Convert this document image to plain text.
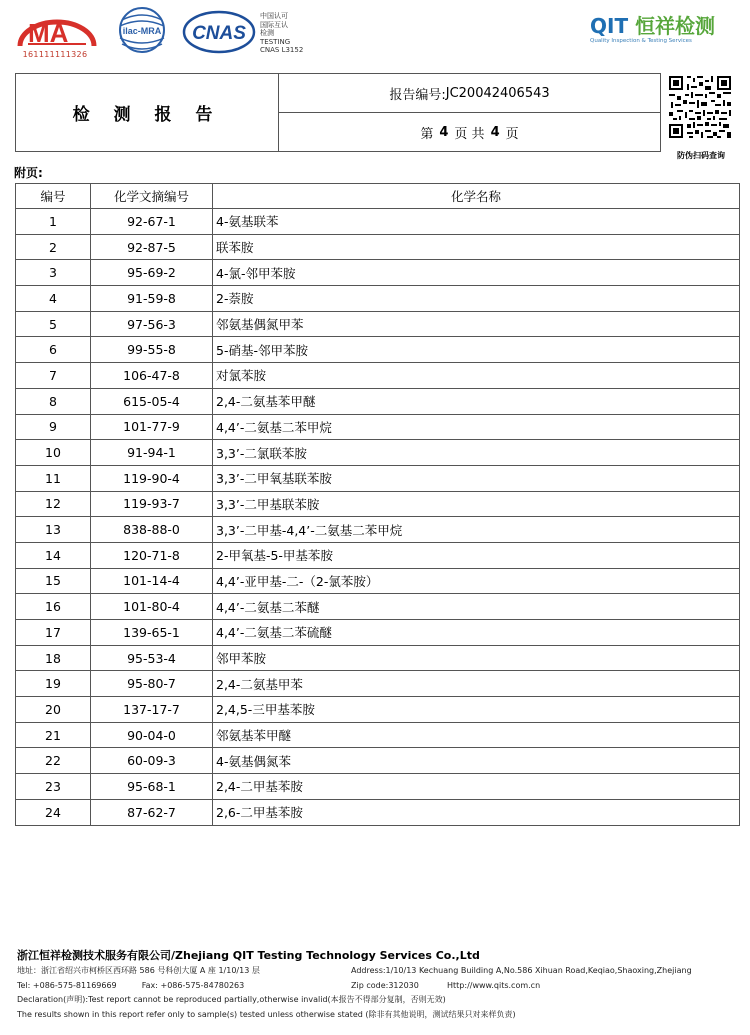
MA
161111111326
ilac-MRA CNAS
中国认可
国际互认
检测
TESTING
CNAS L3152
QIT 恒祥检测
Quality Inspection & Testing Services
检 测 报 告
报告编号: JC20042406543
第 4 页 共 4 页
防伪扫码查询
附页:
编号	化学文摘编号	化学名称
1	92-67-1	4-氨基联苯
2	92-87-5	联苯胺
3	95-69-2	4-氯-邻甲苯胺
4	91-59-8	2-萘胺
5	97-56-3	邻氨基偶氮甲苯
6	99-55-8	5-硝基-邻甲苯胺
7	106-47-8	对氯苯胺
8	615-05-4	2,4-二氨基苯甲醚
9	101-77-9	4,4’-二氨基二苯甲烷
10	91-94-1	3,3’-二氯联苯胺
11	119-90-4	3,3’-二甲氧基联苯胺
12	119-93-7	3,3’-二甲基联苯胺
13	838-88-0	3,3’-二甲基-4,4’-二氨基二苯甲烷
14	120-71-8	2-甲氧基-5-甲基苯胺
15	101-14-4	4,4’-亚甲基-二-（2-氯苯胺）
16	101-80-4	4,4’-二氨基二苯醚
17	139-65-1	4,4’-二氨基二苯硫醚
18	95-53-4	邻甲苯胺
19	95-80-7	2,4-二氨基甲苯
20	137-17-7	2,4,5-三甲基苯胺
21	90-04-0	邻氨基苯甲醚
22	60-09-3	4-氨基偶氮苯
23	95-68-1	2,4-二甲基苯胺
24	87-62-7	2,6-二甲基苯胺
浙江恒祥检测技术服务有限公司/Zhejiang QIT Testing Technology Services Co.,Ltd
地址：浙江省绍兴市柯桥区西环路 586 号科创大厦 A 座 1/10/13 层	Address:1/10/13 Kechuang Building A,No.586 Xihuan Road,Keqiao,Shaoxing,Zhejiang
Tel: +086-575-81169669	Fax: +086-575-84780263	Zip code:312030	Http://www.qits.com.cn
Declaration(声明):Test report cannot be reproduced partially,otherwise invalid(本报告不得部分复制，否则无效)
The results shown in this report refer only to sample(s) tested unless otherwise stated (除非有其他说明，测试结果只对来样负责)
